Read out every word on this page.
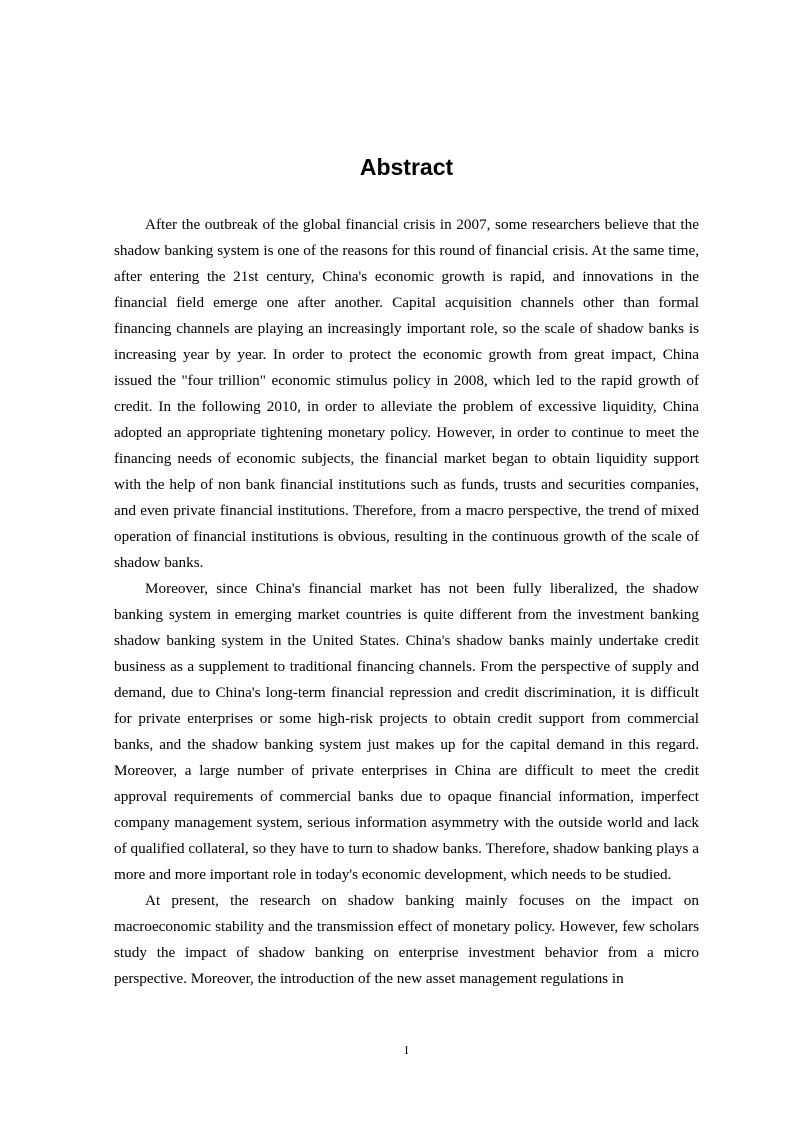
Abstract

After the outbreak of the global financial crisis in 2007, some researchers believe that the shadow banking system is one of the reasons for this round of financial crisis. At the same time, after entering the 21st century, China's economic growth is rapid, and innovations in the financial field emerge one after another. Capital acquisition channels other than formal financing channels are playing an increasingly important role, so the scale of shadow banks is increasing year by year. In order to protect the economic growth from great impact, China issued the "four trillion" economic stimulus policy in 2008, which led to the rapid growth of credit. In the following 2010, in order to alleviate the problem of excessive liquidity, China adopted an appropriate tightening monetary policy. However, in order to continue to meet the financing needs of economic subjects, the financial market began to obtain liquidity support with the help of non bank financial institutions such as funds, trusts and securities companies, and even private financial institutions. Therefore, from a macro perspective, the trend of mixed operation of financial institutions is obvious, resulting in the continuous growth of the scale of shadow banks.

Moreover, since China's financial market has not been fully liberalized, the shadow banking system in emerging market countries is quite different from the investment banking shadow banking system in the United States. China's shadow banks mainly undertake credit business as a supplement to traditional financing channels. From the perspective of supply and demand, due to China's long-term financial repression and credit discrimination, it is difficult for private enterprises or some high-risk projects to obtain credit support from commercial banks, and the shadow banking system just makes up for the capital demand in this regard. Moreover, a large number of private enterprises in China are difficult to meet the credit approval requirements of commercial banks due to opaque financial information, imperfect company management system, serious information asymmetry with the outside world and lack of qualified collateral, so they have to turn to shadow banks. Therefore, shadow banking plays a more and more important role in today's economic development, which needs to be studied.

At present, the research on shadow banking mainly focuses on the impact on macroeconomic stability and the transmission effect of monetary policy. However, few scholars study the impact of shadow banking on enterprise investment behavior from a micro perspective. Moreover, the introduction of the new asset management regulations in

I
